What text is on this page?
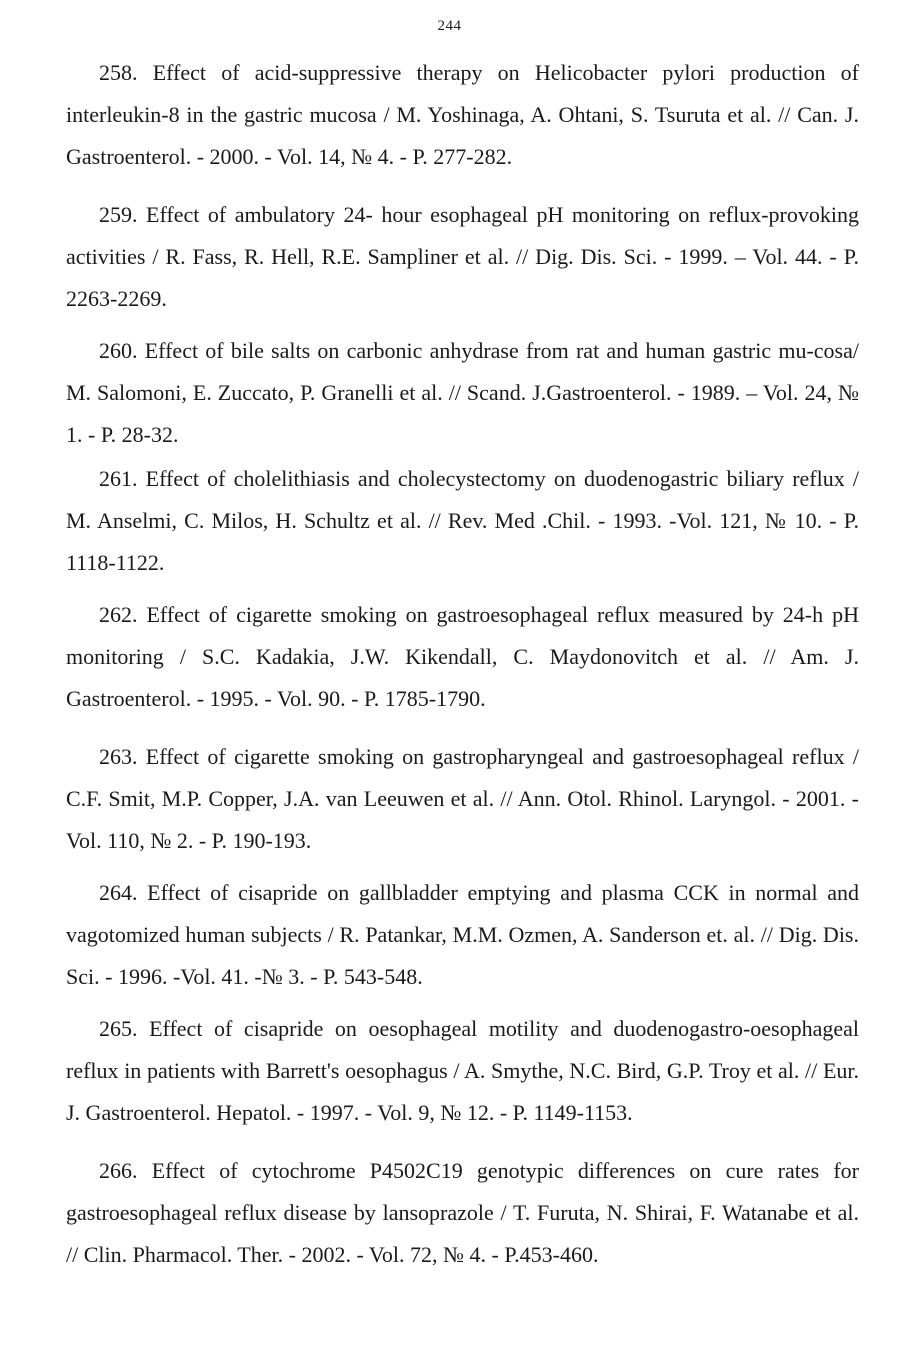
244
258. Effect of acid-suppressive therapy on Helicobacter pylori production of interleukin-8 in the gastric mucosa / M. Yoshinaga, A. Ohtani, S. Tsuruta et al. // Can. J. Gastroenterol. - 2000. - Vol. 14, № 4. - P. 277-282.
259. Effect of ambulatory 24- hour esophageal pH monitoring on reflux-provoking activities / R. Fass, R. Hell, R.E. Sampliner et al. // Dig. Dis. Sci. - 1999. – Vol. 44. - P. 2263-2269.
260. Effect of bile salts on carbonic anhydrase from rat and human gastric mu-cosa/ M. Salomoni, E. Zuccato, P. Granelli et al. // Scand. J.Gastroenterol. - 1989. – Vol. 24, № 1. - P. 28-32.
261. Effect of cholelithiasis and cholecystectomy on duodenogastric biliary reflux / M. Anselmi, C. Milos, H. Schultz et al. // Rev. Med .Chil. - 1993. -Vol. 121, № 10. - P. 1118-1122.
262. Effect of cigarette smoking on gastroesophageal reflux measured by 24-h pH monitoring / S.C. Kadakia, J.W. Kikendall, C. Maydonovitch et al. // Am. J. Gastroenterol. - 1995. - Vol. 90. - P. 1785-1790.
263. Effect of cigarette smoking on gastropharyngeal and gastroesophageal reflux / C.F. Smit, M.P. Copper, J.A. van Leeuwen et al. // Ann. Otol. Rhinol. Laryngol. - 2001. - Vol. 110, № 2. - P. 190-193.
264. Effect of cisapride on gallbladder emptying and plasma CCK in normal and vagotomized human subjects / R. Patankar, M.M. Ozmen, A. Sanderson et. al. // Dig. Dis. Sci. - 1996. -Vol. 41. -№ 3. - P. 543-548.
265. Effect of cisapride on oesophageal motility and duodenogastro-oesophageal reflux in patients with Barrett's oesophagus / A. Smythe, N.C. Bird, G.P. Troy et al. // Eur. J. Gastroenterol. Hepatol. - 1997. - Vol. 9, № 12. - P. 1149-1153.
266. Effect of cytochrome P4502C19 genotypic differences on cure rates for gastroesophageal reflux disease by lansoprazole / T. Furuta, N. Shirai, F. Watanabe et al. // Clin. Pharmacol. Ther. - 2002. - Vol. 72, № 4. - P.453-460.
